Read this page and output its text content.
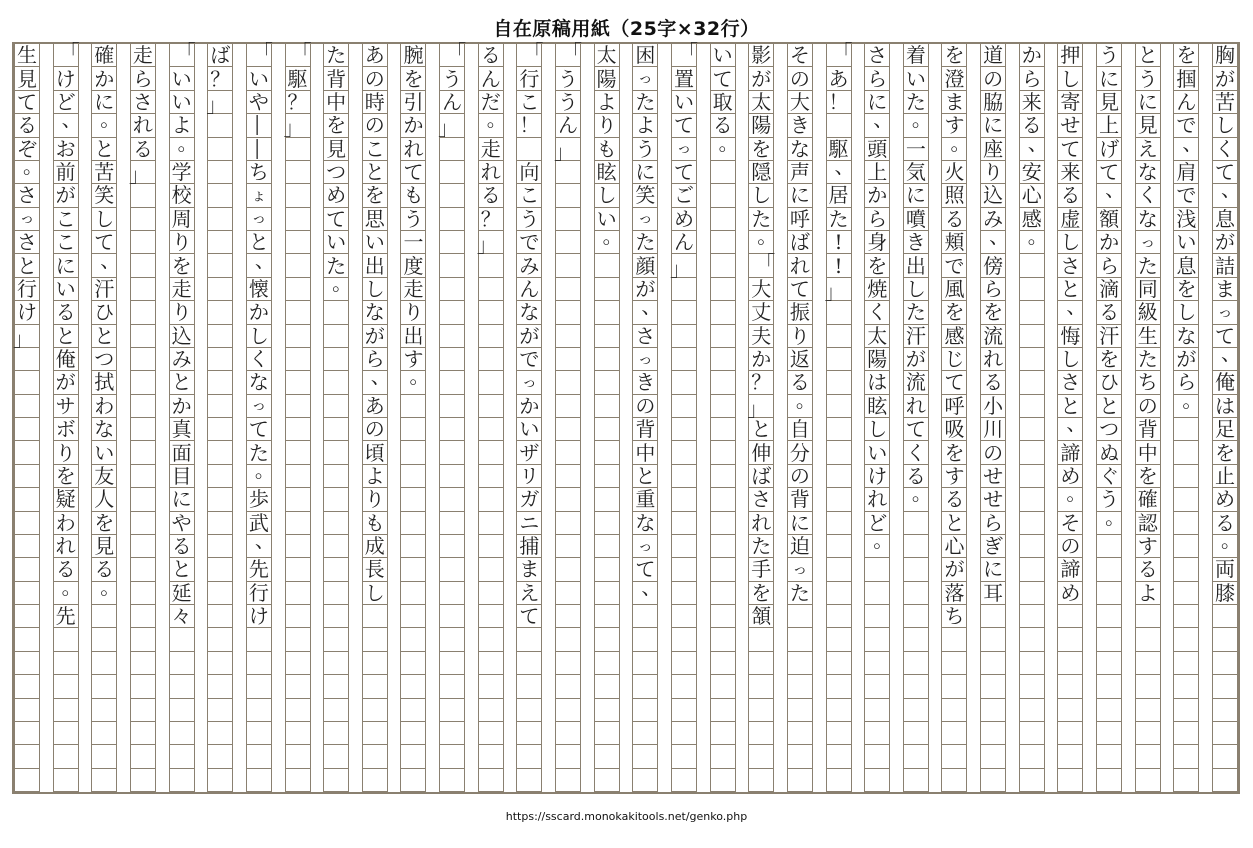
自在原稿用紙（25字×32行）
胸
が
苦
し
く
て
、
息
が
詰
ま
っ
て
、
俺
は
足
を
止
め
る
。
両
膝
を
掴
ん
で
、
肩
で
浅
い
息
を
し
な
が
ら
。
と
う
に
見
え
な
く
な
っ
た
同
級
生
た
ち
の
背
中
を
確
認
す
る
よ
う
に
見
上
げ
て
、
額
か
ら
滴
る
汗
を
ひ
と
つ
ぬ
ぐ
う
。
押
し
寄
せ
て
来
る
虚
し
さ
と
、
悔
し
さ
と
、
諦
め
。
そ
の
諦
め
か
ら
来
る
、
安
心
感
。
道
の
脇
に
座
り
込
み
、
傍
ら
を
流
れ
る
小
川
の
せ
せ
ら
ぎ
に
耳
を
澄
ま
す
。
火
照
る
頬
で
風
を
感
じ
て
呼
吸
を
す
る
と
心
が
落
ち
着
い
た
。
一
気
に
噴
き
出
し
た
汗
が
流
れ
て
く
る
。
さ
ら
に
、
頭
上
か
ら
身
を
焼
く
太
陽
は
眩
し
い
け
れ
ど
。
「
あ
！

駆
、
居
た
!
!
」
そ
の
大
き
な
声
に
呼
ば
れ
て
振
り
返
る
。
自
分
の
背
に
迫
っ
た
影
が
太
陽
を
隠
し
た
。
「
大
丈
夫
か
？
」
と
伸
ば
さ
れ
た
手
を
頷
い
て
取
る
。
「
置
い
て
っ
て
ご
め
ん
」
困
っ
た
よ
う
に
笑
っ
た
顔
が
、
さ
っ
き
の
背
中
と
重
な
っ
て
、
太
陽
よ
り
も
眩
し
い
。
「
う
う
ん
」
「
行
こ
！

向
こ
う
で
み
ん
な
が
で
っ
か
い
ザ
リ
ガ
ニ
捕
ま
え
て
る
ん
だ
。
走
れ
る
？
」
「
う
ん
」
腕
を
引
か
れ
て
も
う
一
度
走
り
出
す
。
あ
の
時
の
こ
と
を
思
い
出
し
な
が
ら
、
あ
の
頃
よ
り
も
成
長
し
た
背
中
を
見
つ
め
て
い
た
。
「
駆
？
」
「
い
や
―
―
ち
ょ
っ
と
、
懐
か
し
く
な
っ
て
た
。
歩
武
、
先
行
け
ば
？
」
「
い
い
よ
。
学
校
周
り
を
走
り
込
み
と
か
真
面
目
に
や
る
と
延
々
走
ら
さ
れ
る
」
確
か
に
。
と
苦
笑
し
て
、
汗
ひ
と
つ
拭
わ
な
い
友
人
を
見
る
。
「
け
ど
、
お
前
が
こ
こ
に
い
る
と
俺
が
サ
ボ
り
を
疑
わ
れ
る
。
先
生
見
て
る
ぞ
。
さ
っ
さ
と
行
け
」
https://sscard.monokakitools.net/genko.php
